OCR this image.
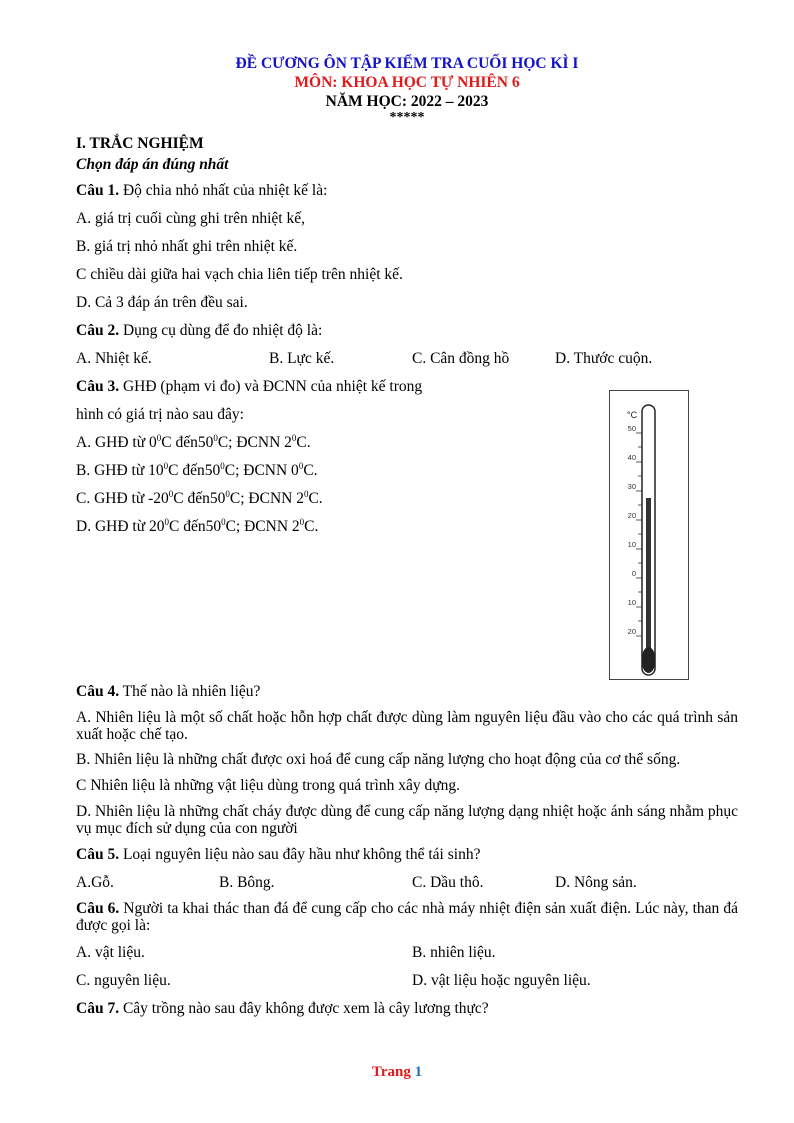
ĐỀ CƯƠNG ÔN TẬP KIỂM TRA CUỐI HỌC KÌ I

MÔN: KHOA HỌC TỰ NHIÊN 6

NĂM HỌC: 2022 – 2023

*****

I. TRẮC NGHIỆM

Chọn đáp án đúng nhất

Câu 1. Độ chia nhỏ nhất của nhiệt kế là:

A. giá trị cuối cùng ghi trên nhiệt kế,

B. giá trị nhỏ nhất ghi trên nhiệt kế.

C chiều dài giữa hai vạch chia liên tiếp trên nhiệt kế.

D. Cả 3 đáp án trên đều sai.

Câu 2. Dụng cụ dùng để đo nhiệt độ là:

A. Nhiệt kế.	B. Lực kế.	C. Cân đồng hồ	D. Thước cuộn.

Câu 3. GHĐ (phạm vi đo) và ĐCNN của nhiệt kế trong

hình có giá trị nào sau đây:

A. GHĐ từ $0^0C$ $đến50^0C$; ĐCNN $2^0C$.

B. GHĐ từ $10^0C$ $đến50^0C$; ĐCNN $0^0C$.

C. GHĐ từ $-20^0C$ $đến50^0C$; ĐCNN $2^0C$.

D. GHĐ từ $20^0C$ $đến50^0C$; ĐCNN $2^0C$.

Câu 4. Thế nào là nhiên liệu?

A. Nhiên liệu là một số chất hoặc hỗn hợp chất được dùng làm nguyên liệu đầu vào cho các quá trình sản xuất hoặc chế tạo.

B. Nhiên liệu là những chất được oxi hoá để cung cấp năng lượng cho hoạt động của cơ thể sống.

C Nhiên liệu là những vật liệu dùng trong quá trình xây dựng.

D. Nhiên liệu là những chất cháy được dùng để cung cấp năng lượng dạng nhiệt hoặc ánh sáng nhằm phục vụ mục đích sử dụng của con người

Câu 5. Loại nguyên liệu nào sau đây hầu như không thể tái sinh?

A.Gỗ.	B. Bông.	C. Dầu thô.	D. Nông sản.

Câu 6. Người ta khai thác than đá để cung cấp cho các nhà máy nhiệt điện sản xuất điện. Lúc này, than đá được gọi là:

A. vật liệu.	B. nhiên liệu.
C. nguyên liệu.	D. vật liệu hoặc nguyên liệu.

Câu 7. Cây trồng nào sau đây không được xem là cây lương thực?

°C
50
40
30
20
10
0
10
20
Trang 1
